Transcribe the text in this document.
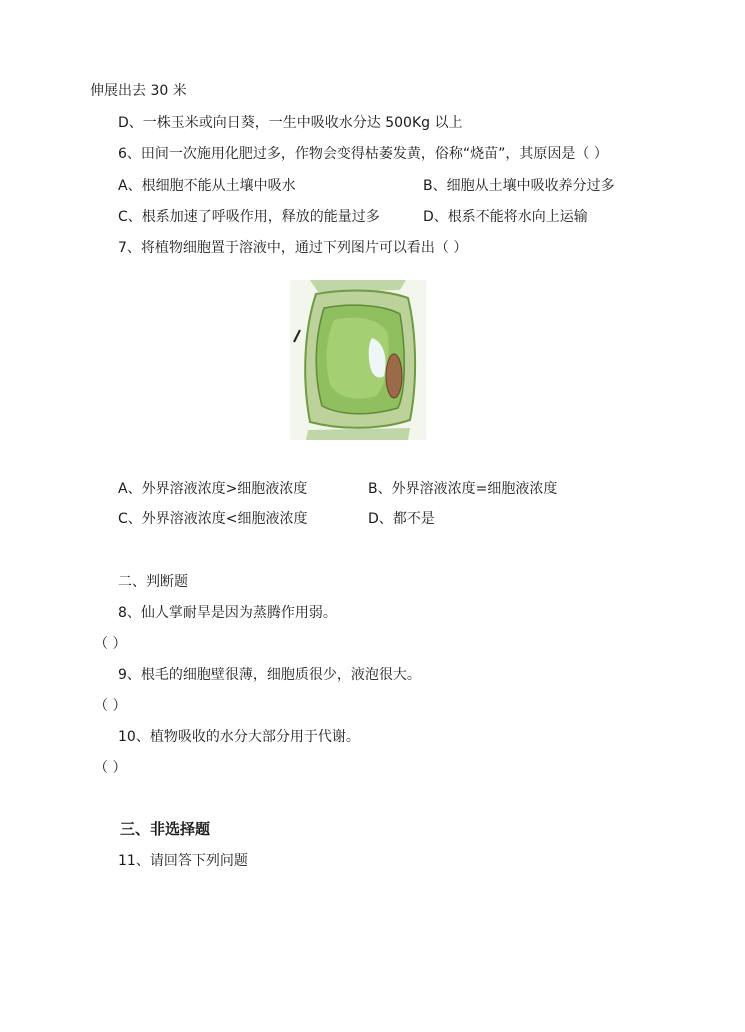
伸展出去 30 米
D、一株玉米或向日葵，一生中吸收水分达 500Kg 以上
6、田间一次施用化肥过多，作物会变得枯萎发黄，俗称“烧苗”，其原因是（ ）
A、根细胞不能从土壤中吸水	B、细胞从土壤中吸收养分过多
C、根系加速了呼吸作用，释放的能量过多	D、根系不能将水向上运输
7、将植物细胞置于溶液中，通过下列图片可以看出（ ）
A、外界溶液浓度>细胞液浓度	B、外界溶液浓度=细胞液浓度
C、外界溶液浓度<细胞液浓度	D、都不是
二、判断题
8、仙人掌耐旱是因为蒸腾作用弱。
（ ）
9、根毛的细胞壁很薄，细胞质很少，液泡很大。
（ ）
10、植物吸收的水分大部分用于代谢。
（ ）
三、非选择题
11、请回答下列问题
